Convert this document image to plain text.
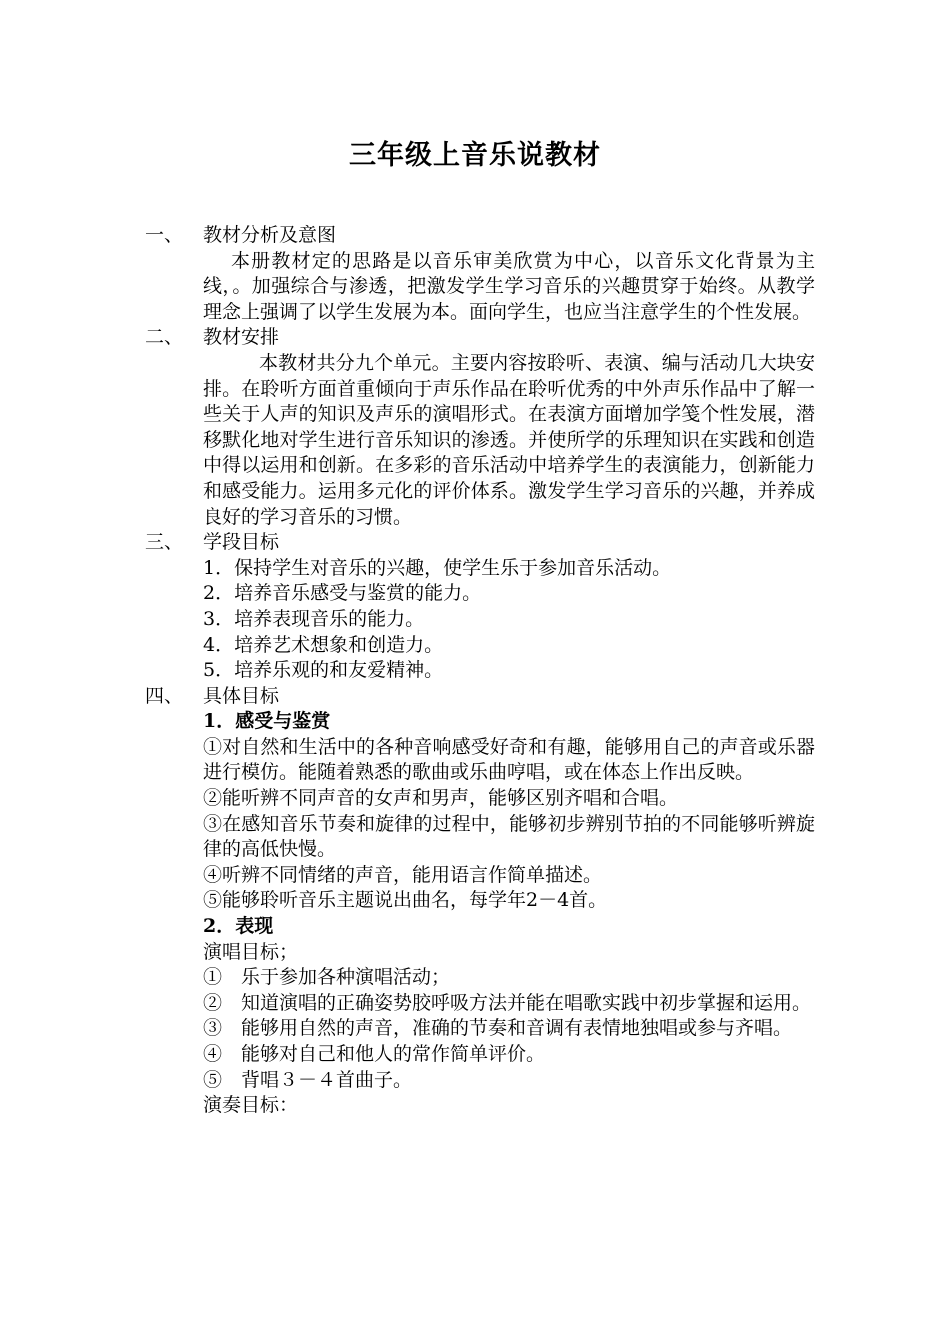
三年级上音乐说教材
一、	教材分析及意图
本册教材定的思路是以音乐审美欣赏为中心，以音乐文化背景为主线，。加强综合与渗透，把激发学生学习音乐的兴趣贯穿于始终。从教学理念上强调了以学生发展为本。面向学生，也应当注意学生的个性发展。
二、	教材安排
本教材共分九个单元。主要内容按聆听、表演、编与活动几大块安排。在聆听方面首重倾向于声乐作品在聆听优秀的中外声乐作品中了解一些关于人声的知识及声乐的演唱形式。在表演方面增加学笺个性发展，潜移默化地对学生进行音乐知识的渗透。并使所学的乐理知识在实践和创造中得以运用和创新。在多彩的音乐活动中培养学生的表演能力，创新能力和感受能力。运用多元化的评价体系。激发学生学习音乐的兴趣，并养成良好的学习音乐的习惯。
三、	学段目标
1．保持学生对音乐的兴趣，使学生乐于参加音乐活动。
2．培养音乐感受与鉴赏的能力。
3．培养表现音乐的能力。
4．培养艺术想象和创造力。
5．培养乐观的和友爱精神。
四、	具体目标
1．感受与鉴赏
①对自然和生活中的各种音响感受好奇和有趣，能够用自己的声音或乐器进行模仿。能随着熟悉的歌曲或乐曲哼唱，或在体态上作出反映。
②能听辨不同声音的女声和男声，能够区别齐唱和合唱。
③在感知音乐节奏和旋律的过程中，能够初步辨别节拍的不同能够听辨旋律的高低快慢。
④听辨不同情绪的声音，能用语言作简单描述。
⑤能够聆听音乐主题说出曲名，每学年2－4首。
2．表现
演唱目标；
①　乐于参加各种演唱活动；
②　知道演唱的正确姿势胶呼吸方法并能在唱歌实践中初步掌握和运用。
③　能够用自然的声音，准确的节奏和音调有表情地独唱或参与齐唱。
④　能够对自己和他人的常作简单评价。
⑤　背唱３－４首曲子。
演奏目标：
